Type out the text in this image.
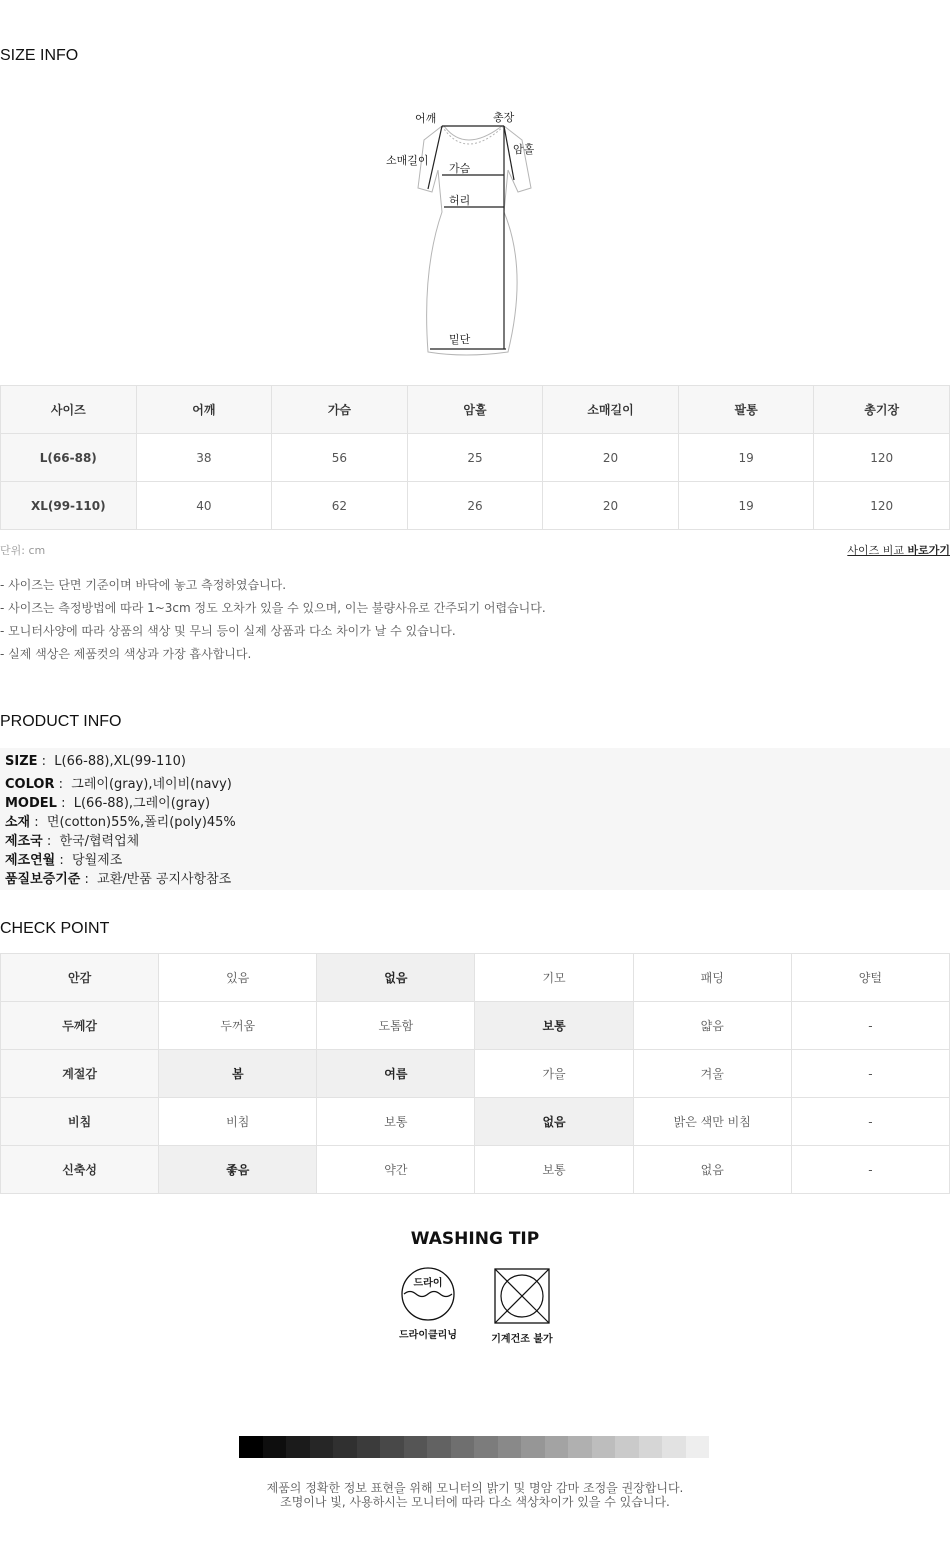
SIZE INFO
어깨	총장
암홀
소매길이
가슴
허리
밑단
사이즈	어깨	가슴	암홀	소매길이	팔통	총기장
L(66-88)	38	56	25	20	19	120
XL(99-110)	40	62	26	20	19	120
단위: cm	사이즈 비교 바로가기
- 사이즈는 단면 기준이며 바닥에 놓고 측정하였습니다.
- 사이즈는 측정방법에 따라 1~3cm 정도 오차가 있을 수 있으며, 이는 불량사유로 간주되기 어렵습니다.
- 모니터사양에 따라 상품의 색상 및 무늬 등이 실제 상품과 다소 차이가 날 수 있습니다.
- 실제 색상은 제품컷의 색상과 가장 흡사합니다.
PRODUCT INFO
SIZE :  L(66-88),XL(99-110)
COLOR :  그레이(gray),네이비(navy)
MODEL :  L(66-88),그레이(gray)
소재 :  면(cotton)55%,폴리(poly)45%
제조국 :  한국/협력업체
제조연월 :  당월제조
품질보증기준 :  교환/반품 공지사항참조
CHECK POINT
안감	있음	없음	기모	패딩	양털
두께감	두꺼움	도톰함	보통	얇음	-
계절감	봄	여름	가을	겨울	-
비침	비침	보통	없음	밝은 색만 비침	-
신축성	좋음	약간	보통	없음	-
WASHING TIP
드라이
드라이클리닝	기계건조 불가
제품의 정확한 정보 표현을 위해 모니터의 밝기 및 명암 감마 조정을 권장합니다.
조명이나 빛, 사용하시는 모니터에 따라 다소 색상차이가 있을 수 있습니다.
